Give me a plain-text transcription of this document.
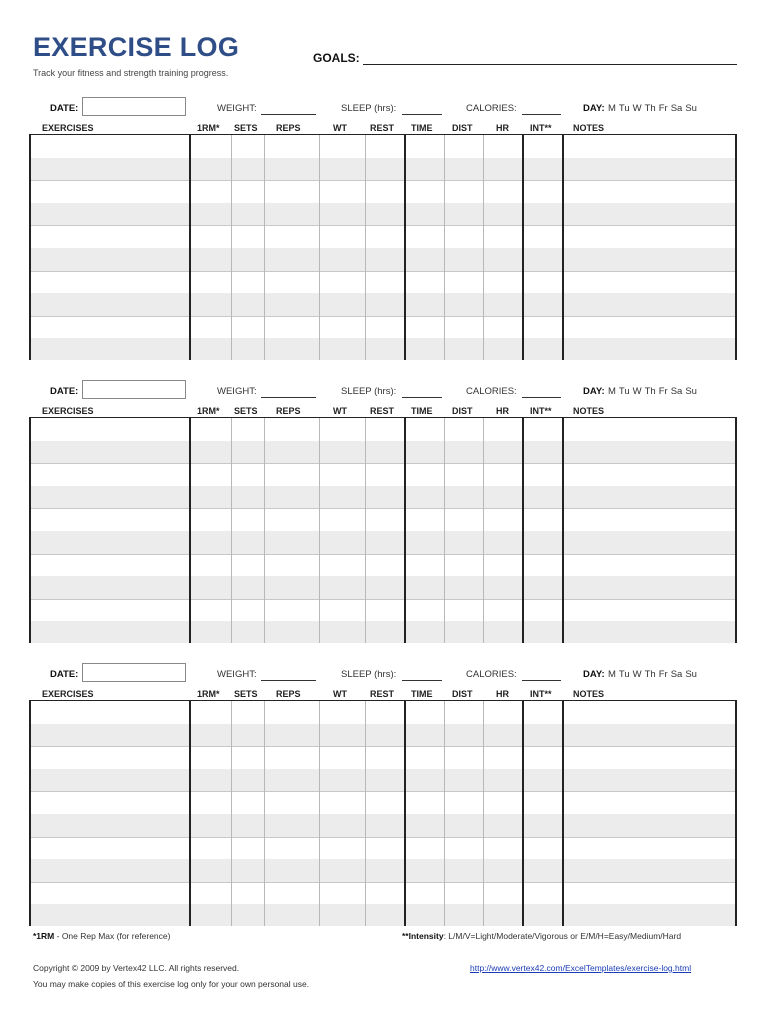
EXERCISE LOG
Track your fitness and strength training progress.
GOALS:
DATE:	WEIGHT:	SLEEP (hrs):	CALORIES:	DAY: M Tu W Th Fr Sa Su
EXERCISES	1RM* SETS REPS	WT	REST TIME DIST	HR INT** NOTES
DATE:	WEIGHT:	SLEEP (hrs):	CALORIES:	DAY: M Tu W Th Fr Sa Su
EXERCISES	1RM* SETS REPS	WT	REST TIME DIST	HR INT** NOTES
DATE:	WEIGHT:	SLEEP (hrs):	CALORIES:	DAY: M Tu W Th Fr Sa Su
EXERCISES	1RM* SETS REPS	WT	REST TIME DIST	HR INT** NOTES
*1RM - One Rep Max (for reference)	**Intensity: L/M/V=Light/Moderate/Vigorous or E/M/H=Easy/Medium/Hard
Copyright © 2009 by Vertex42 LLC. All rights reserved.
You may make copies of this exercise log only for your own personal use.
http://www.vertex42.com/ExcelTemplates/exercise-log.html
